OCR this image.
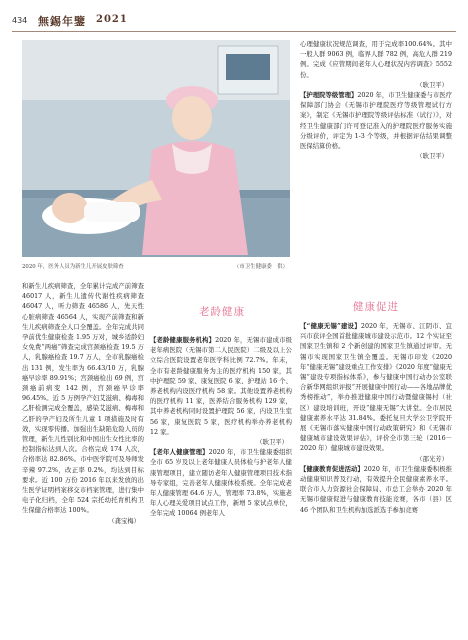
434 無錫年鑒 2021
2020 年，医务人员为新生儿开展皮肤筛查	（市卫生健康委　供）

心理健康状况规范调查，用于完成率100.64%。其中一般人群 9063 例，临界人群 782 例，高危人群 219 例。完成《应管期间老年人心理状况内容调查》5552 份。

（耿卫平）

【护理院等级管理】2020 年，市卫生健康委与市医疗保障部门协会《无锡市护理院医疗等级管理试行方案》，制定《无锡市护理院等级评估标准（试行）》，对经卫生健康部门许可登记准入的护理院医疗服务实施分级评价，评定为 1-3 个等级，并根据评估结果调整医保结算价格。

（耿卫平）

健康促进

和新生儿疾病筛查，全年累计完成产前筛查 46017 人，新生儿遗传代谢性疾病筛查 46047 人，听力筛查 46586 人，先天性心脏病筛查 46564 人，实现产前筛查和新生儿疾病筛查全人口全覆盖。全年完成共同孕前优生健康检查 1.95 万对，城乡适龄妇女免费“两癌”筛查完成宫颈癌检查 19.5 万人，乳腺癌检查 19.7 万人，全市乳腺癌检出 131 例，发生率为 66.43/10 万，乳腺癌早诊率 89.91%；宫颈癌检出 69 例，宫颈癌前病变 142 例，宫颈癌早诊率 96.45%。近 5 万例孕产妇艾滋病、梅毒和乙肝检测完成全覆盖，感染艾滋病、梅毒和乙肝的孕产妇及所生儿童 1 项措施及时有效，实现零传播。加强出生缺陷危险人员的管理，新生儿性别比和中国出生女性比率的控制指标达到人次。合格完成 174 人次，合格率达 82.86%。市中医学院可及导师发辛辣 97.2%，改正率 0.2%，均达到目标要求。近 100 万份 2016 年以来发放的出生医学证明档案移交市档案管理，进行集中电子化归档，全年 524 宗托幼托育机构卫生保健合格率达 100%。

（龚宝梅）

老龄健康

【老龄健康服务机构】2020 年，无锡市建成市级老年病医院（无锡市第二人民医院）二级及以上公立综合医院设置老年医学科比例 72.7%。年末，全市有老龄健康服务为主的医疗机构 150 家，其中护理院 59 家、康复医院 6 家、护理站 16 个、养老机构内设医疗机构 58 家。其他设置养老机构的医疗机构 11 家，医养结合服务机构 129 家，其中养老机构同时设置护理院 56 家，内设卫生室 56 家，康复医院 5 家，医疗机构举办养老机构 12 家。

（耿卫平）

【老年人健康管理】2020 年，市卫生健康委组织全市 65 岁及以上老年健康人员体检与护老年人健康管理项目，建立随访老年人健康管理项目技术指导专家组，完善老年人健康体检系统。全年完成老年人健康管理 64.6 万人，管理率 73.8%，实施老年人心理关爱项目试点工作，新增 5 家试点单位，全年完成 10064 例老年人

【“健康无锡”建设】2020 年，无锡市、江阴市、宜兴市获评全国首批健康城市建设示范市。12 个实证至国家卫生镇和 2 个新创建的国家卫生镇通过评审。无锡市实现国家卫生镇全覆盖。无锡市印发《2020 年“健康无锡”建设重点工作安排》《2020 年度“健康无锡”建设专项指标体系》，参与健康中国行动办公室联合新华网组织评报“开展健康中国行动——各地品牌优秀榜推动”，举办推进健康中国行动暨健康锡村（社区）建设培训班，开设“健康无锡”大讲堂。全市居民健康素养水平达 31.84%。委托复旦大学公卫学院开展《无锡市落实健康中国行动政策研究》和《无锡市健康城市建设效果评估》，评价全市第三轮（2016－2020 年）健康城市建设效果。

（邵光芳）

【健康教育促进活动】2020 年，市卫生健康委积极推动健康知识普及行动，有效提升全民健康素养水平。联合市人力资源社会保障局、市总工会举办 2020 年无锡市健康促进与健康教育技能竞赛，各市（县）区 46 个团队和卫生机构加选派选手参加竞赛
